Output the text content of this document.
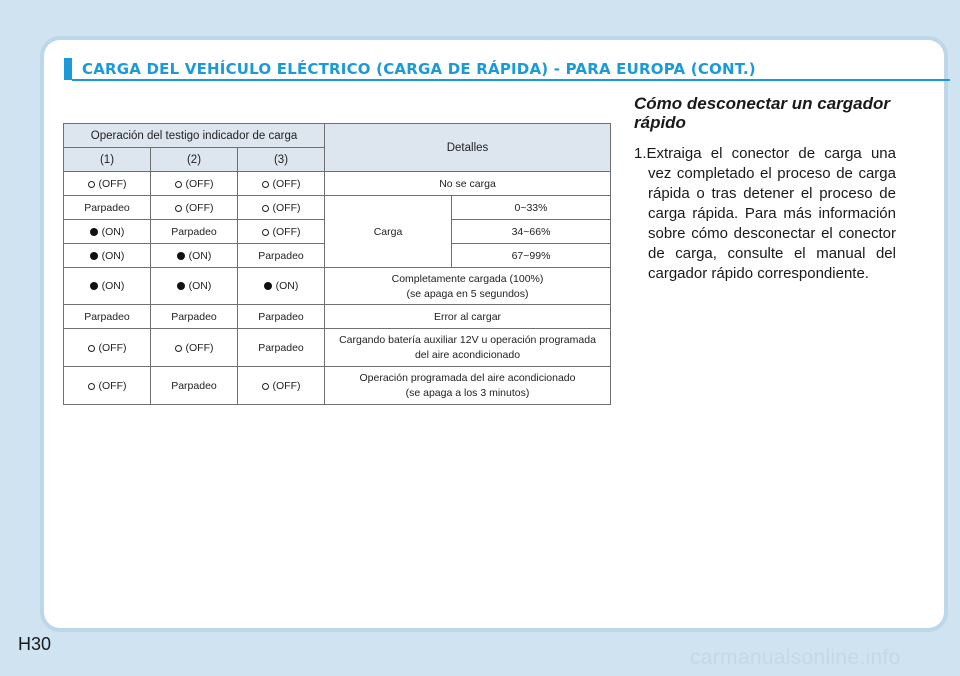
CARGA DEL VEHÍCULO ELÉCTRICO (CARGA DE RÁPIDA) - PARA EUROPA (CONT.)
Operación del testigo indicador de carga			Detalles	
(1)	(2)	(3)		
(OFF)	(OFF)	(OFF)	No se carga	
Parpadeo	(OFF)	(OFF)	Carga	0~33%
(ON)	Parpadeo	(OFF)		34~66%
(ON)	(ON)	Parpadeo		67~99%
(ON)	(ON)	(ON)	Completamente cargada (100%)
(se apaga en 5 segundos)	

Parpadeo	Parpadeo	Parpadeo	Error al cargar	
(OFF)	(OFF)	Parpadeo	Cargando batería auxiliar 12V u operación programada
del aire acondicionado	

(OFF)	Parpadeo	(OFF)	Operación programada del aire acondicionado
(se apaga a los 3 minutos)	
Cómo desconectar un cargador rápido

1.Extraiga el conector de carga una vez completado el proceso de carga rápida o tras detener el proceso de carga rápida. Para más información sobre cómo desconectar el conector de carga, consulte el manual del cargador rápido correspondiente.

H30
carmanualsonline.info
